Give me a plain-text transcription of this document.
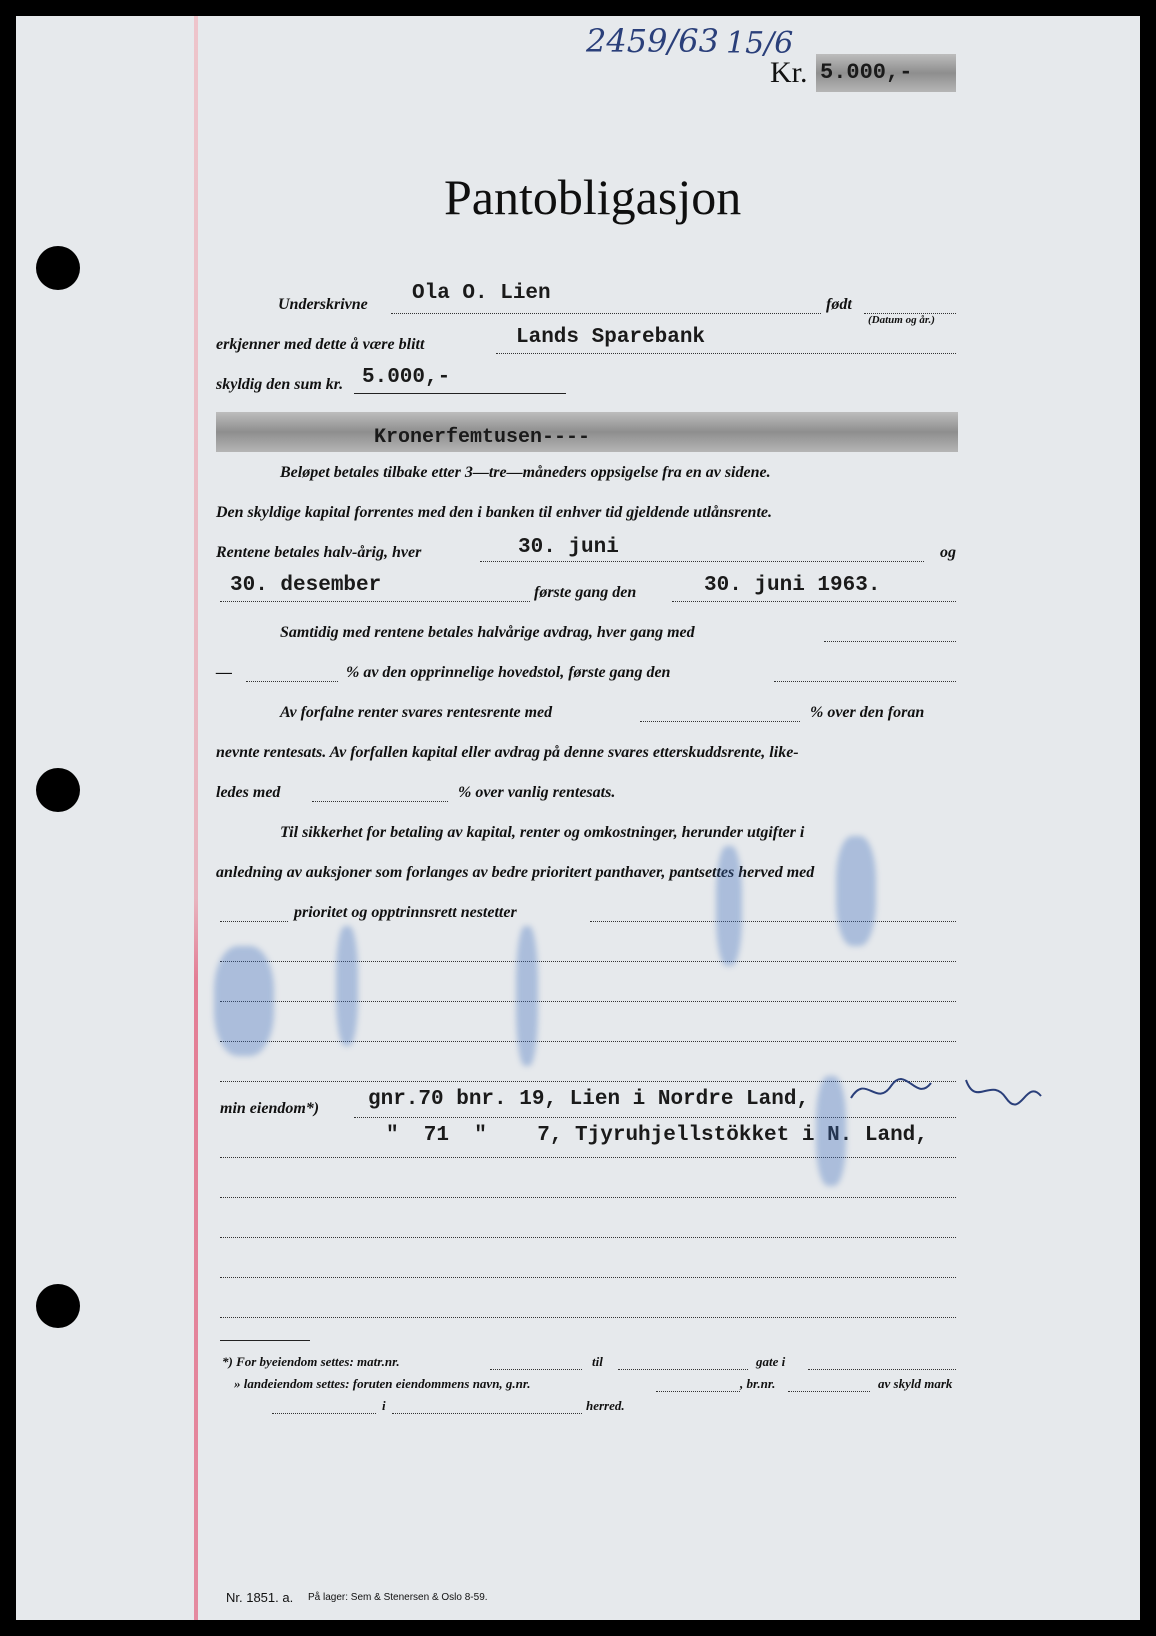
2459/63 15/6
Kr. 5.000,-
Pantobligasjon
Underskrivne Ola O. Lien	født
(Datum og år.)
erkjenner med dette å være blitt	Lands Sparebank
skyldig den sum kr. 5.000,-
Kronerfemtusen----
Beløpet betales tilbake etter 3—tre—måneders oppsigelse fra en av sidene.
Den skyldige kapital forrentes med den i banken til enhver tid gjeldende utlånsrente.
Rentene betales halv-årig, hver	30. juni	og
30. desember	første gang den	30. juni 1963.
Samtidig med rentene betales halvårige avdrag, hver gang med
—	% av den opprinnelige hovedstol, første gang den
Av forfalne renter svares rentesrente med	% over den foran
nevnte rentesats. Av forfallen kapital eller avdrag på denne svares etterskuddsrente, like-
ledes med	% over vanlig rentesats.
Til sikkerhet for betaling av kapital, renter og omkostninger, herunder utgifter i
anledning av auksjoner som forlanges av bedre prioritert panthaver, pantsettes herved med
prioritet og opptrinnsrett nestetter
min eiendom*) gnr.70 bnr. 19, Lien i Nordre Land,
"  71  "    7, Tjyruhjellstökket i N. Land,
*) For byeiendom settes: matr.nr.	til	gate i
» landeiendom settes: foruten eiendommens navn, g.nr.	, br.nr.	av skyld mark
i	herred.
Nr. 1851. a. På lager: Sem & Stenersen & Oslo 8-59.
